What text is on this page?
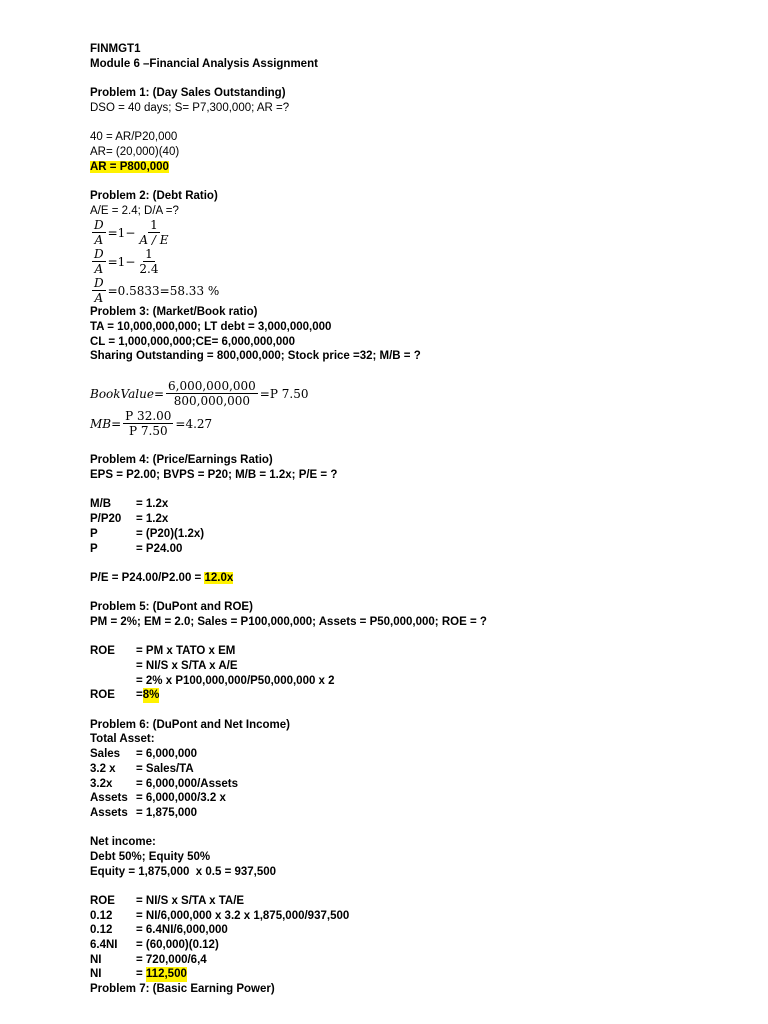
FINMGT1
Module 6 –Financial Analysis Assignment
Problem 1: (Day Sales Outstanding)
DSO = 40 days; S= P7,300,000; AR =?
40 = AR/P20,000
AR= (20,000)(40)
AR = P800,000
Problem 2: (Debt Ratio)
A/E = 2.4; D/A =?
$\frac{D}{A} =1- \frac{1}{A / E}$
$\frac{D}{A} =1- \frac{1}{2.4}$
$\frac{D}{A} =0.5833=58.33$ %
Problem 3: (Market/Book ratio)
TA = 10,000,000,000; LT debt = 3,000,000,000
CL = 1,000,000,000;CE= 6,000,000,000
Sharing Outstanding = 800,000,000; Stock price =32; M/B = ?
BookValue = $\frac{6,000,000,000}{800,000,000} =P$ 7.50
MB = $\frac{P 32.00}{P 7.50} =4.27$
Problem 4: (Price/Earnings Ratio)
EPS = P2.00; BVPS = P20; M/B = 1.2x; P/E = ?
M/B	= 1.2x
P/P20	= 1.2x
P	= (P20)(1.2x)
P	= P24.00
P/E = P24.00/P2.00 = 12.0x
Problem 5: (DuPont and ROE)
PM = 2%; EM = 2.0; Sales = P100,000,000; Assets = P50,000,000; ROE = ?
ROE	= PM x TATO x EM
= NI/S x S/TA x A/E
= 2% x P100,000,000/P50,000,000 x 2
ROE	= 8%
Problem 6: (DuPont and Net Income)
Total Asset:
Sales	= 6,000,000
3.2 x	= Sales/TA
3.2x	= 6,000,000/Assets
Assets = 6,000,000/3.2 x
Assets = 1,875,000
Net income:
Debt 50%; Equity 50%
Equity = 1,875,000  x 0.5 = 937,500
ROE	= NI/S x S/TA x TA/E
0.12	= NI/6,000,000 x 3.2 x 1,875,000/937,500
0.12	= 6.4NI/6,000,000
6.4NI	= (60,000)(0.12)
NI	= 720,000/6,4
NI	= 112,500
Problem 7: (Basic Earning Power)
